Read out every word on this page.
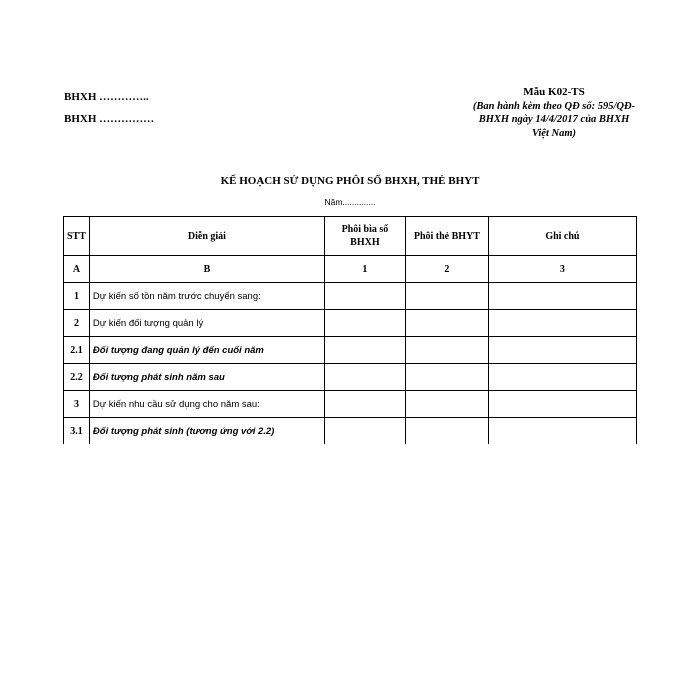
BHXH …………..
BHXH ……………
Mẫu K02-TS
(Ban hành kèm theo QĐ số: 595/QĐ-
BHXH ngày 14/4/2017 của BHXH
Việt Nam)
KẾ HOẠCH SỬ DỤNG PHÔI SỔ BHXH, THẺ BHYT
Năm..............
STT	Diễn giải	Phôi bìa sổ BHXH	Phôi thẻ BHYT	Ghi chú
A	B	1	2	3
1	Dự kiến số tồn năm trước chuyển sang:			
2	Dự kiến đối tượng quản lý			
2.1	Đối tượng đang quản lý đến cuối năm			
2.2	Đối tượng phát sinh năm sau			
3	Dự kiến nhu cầu sử dụng cho năm sau:			
3.1	Đối tượng phát sinh (tương ứng với 2.2)			
